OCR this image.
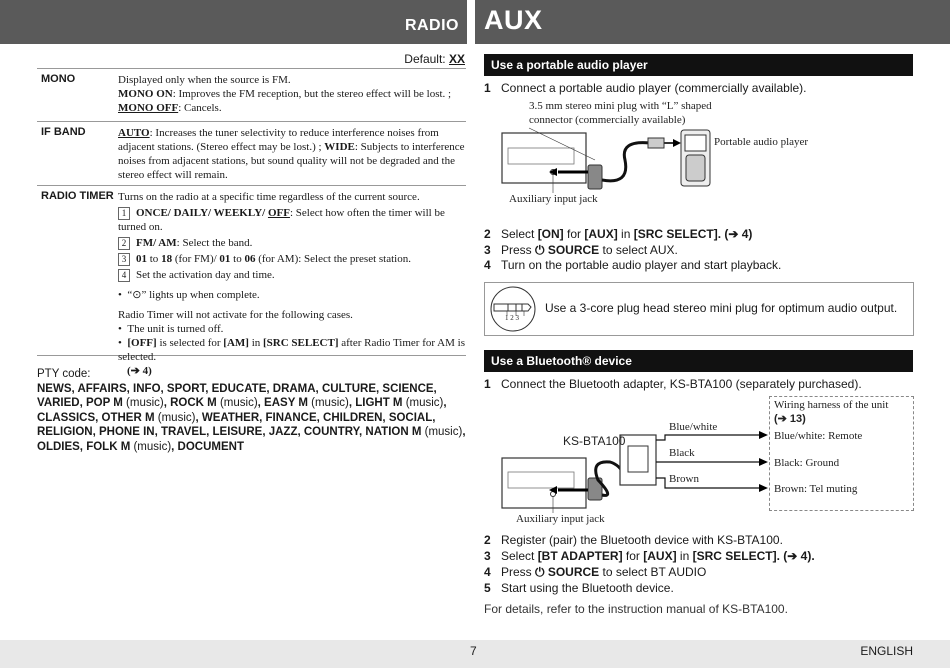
RADIO AUX
Default: XX
MONO	Displayed only when the source is FM.
MONO ON: Improves the FM reception, but the stereo effect will be lost. ;
MONO OFF: Cancels.
IF BAND	AUTO: Increases the tuner selectivity to reduce interference noises from adjacent stations. (Stereo effect may be lost.) ; WIDE: Subjects to interference noises from adjacent stations, but sound quality will not be degraded and the stereo effect will remain.
RADIO TIMER Turns on the radio at a specific time regardless of the current source.
1 ONCE/ DAILY/ WEEKLY/ OFF: Select how often the timer will be turned on.
2 FM/ AM: Select the band.
3 01 to 18 (for FM)/ 01 to 06 (for AM): Select the preset station.
4 Set the activation day and time.
•  “⊙” lights up when complete.
Radio Timer will not activate for the following cases.
•  The unit is turned off.
•  [OFF] is selected for [AM] in [SRC SELECT] after Radio Timer for AM is selected.
(➔ 4)
PTY code:
NEWS, AFFAIRS, INFO, SPORT, EDUCATE, DRAMA, CULTURE, SCIENCE, VARIED, POP M (music), ROCK M (music), EASY M (music), LIGHT M (music), CLASSICS, OTHER M (music), WEATHER, FINANCE, CHILDREN, SOCIAL, RELIGION, PHONE IN, TRAVEL, LEISURE, JAZZ, COUNTRY, NATION M (music), OLDIES, FOLK M (music), DOCUMENT
Use a portable audio player
1 Connect a portable audio player (commercially available).
3.5 mm stereo mini plug with “L” shaped
connector (commercially available)
Portable audio player
Auxiliary input jack
2 Select [ON] for [AUX] in [SRC SELECT]. (➔ 4)
3 Press ⏻ SOURCE to select AUX.
4 Turn on the portable audio player and start playback.
1 2 3
Use a 3-core plug head stereo mini plug for optimum audio output.
Use a Bluetooth® device
1 Connect the Bluetooth adapter, KS-BTA100 (separately purchased).
KS-BTA100
Blue/white
Black
Brown
Auxiliary input jack
Wiring harness of the unit
(➔ 13)
Blue/white: Remote
Black: Ground
Brown: Tel muting
2 Register (pair) the Bluetooth device with KS-BTA100.
3 Select [BT ADAPTER] for [AUX] in [SRC SELECT]. (➔ 4).
4 Press ⏻ SOURCE to select BT AUDIO
5 Start using the Bluetooth device.
For details, refer to the instruction manual of KS-BTA100.
7	ENGLISH
